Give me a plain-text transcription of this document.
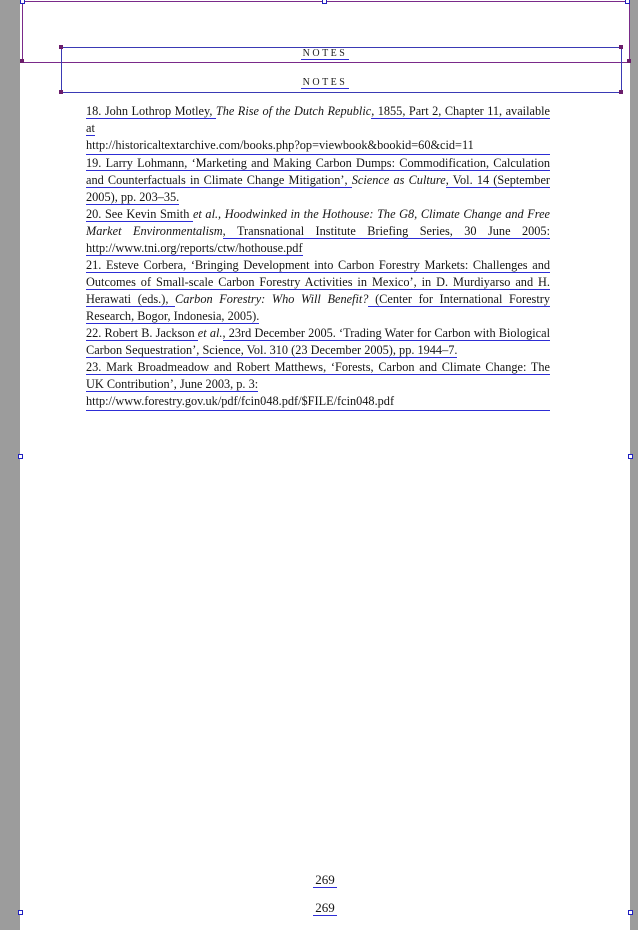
NOTES
NOTES

18. John Lothrop Motley, The Rise of the Dutch Republic, 1855, Part 2, Chapter 11, available at
http://historicaltextarchive.com/books.php?op=viewbook&bookid=60&cid=11

19. Larry Lohmann, ‘Marketing and Making Carbon Dumps: Commodification, Calculation and Counterfactuals in Climate Change Mitigation’, Science as Culture, Vol. 14 (September 2005), pp. 203–35.

20. See Kevin Smith et al., Hoodwinked in the Hothouse: The G8, Climate Change and Free Market Environmentalism, Transnational Institute Briefing Series, 30 June 2005: http://www.tni.org/reports/ctw/hothouse.pdf

21. Esteve Corbera, ‘Bringing Development into Carbon Forestry Markets: Challenges and Outcomes of Small-scale Carbon Forestry Activities in Mexico’, in D. Murdiyarso and H. Herawati (eds.), Carbon Forestry: Who Will Benefit? (Center for International Forestry Research, Bogor, Indonesia, 2005).

22. Robert B. Jackson et al., 23rd December 2005. ‘Trading Water for Carbon with Biological Carbon Sequestration’, Science, Vol. 310 (23 December 2005), pp. 1944–7.

23. Mark Broadmeadow and Robert Matthews, ‘Forests, Carbon and Climate Change: The UK Contribution’, June 2003, p. 3:
http://www.forestry.gov.uk/pdf/fcin048.pdf/$FILE/fcin048.pdf

269
269
